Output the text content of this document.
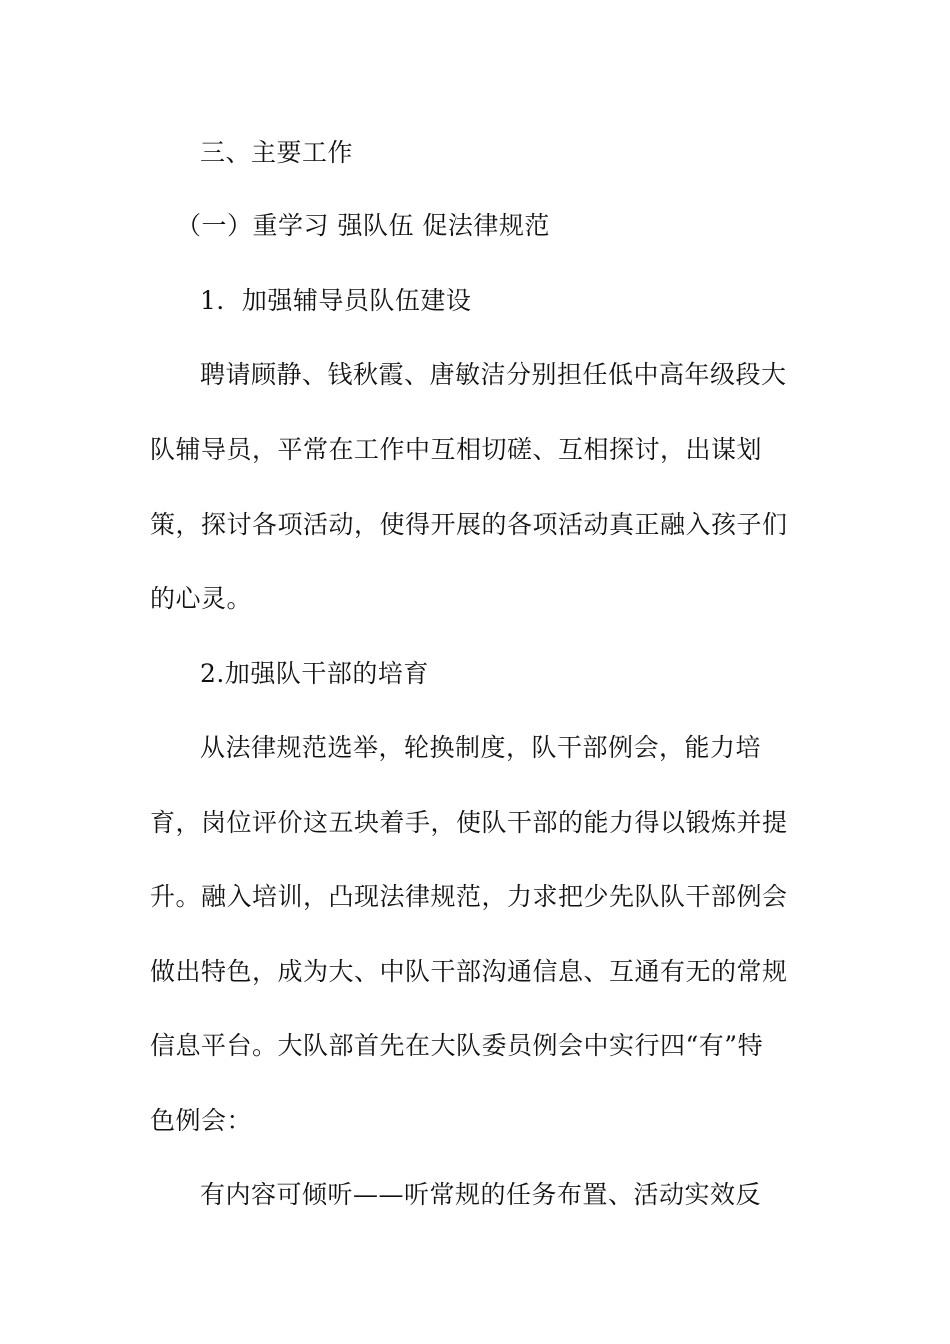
三、主要工作
（一）重学习 强队伍 促法律规范
1．加强辅导员队伍建设
聘请顾静、钱秋霞、唐敏洁分别担任低中高年级段大
队辅导员，平常在工作中互相切磋、互相探讨，出谋划
策，探讨各项活动，使得开展的各项活动真正融入孩子们
的心灵。
2.加强队干部的培育
从法律规范选举，轮换制度，队干部例会，能力培
育，岗位评价这五块着手，使队干部的能力得以锻炼并提
升。融入培训，凸现法律规范，力求把少先队队干部例会
做出特色，成为大、中队干部沟通信息、互通有无的常规
信息平台。大队部首先在大队委员例会中实行四“有”特
色例会：
有内容可倾听——听常规的任务布置、活动实效反
